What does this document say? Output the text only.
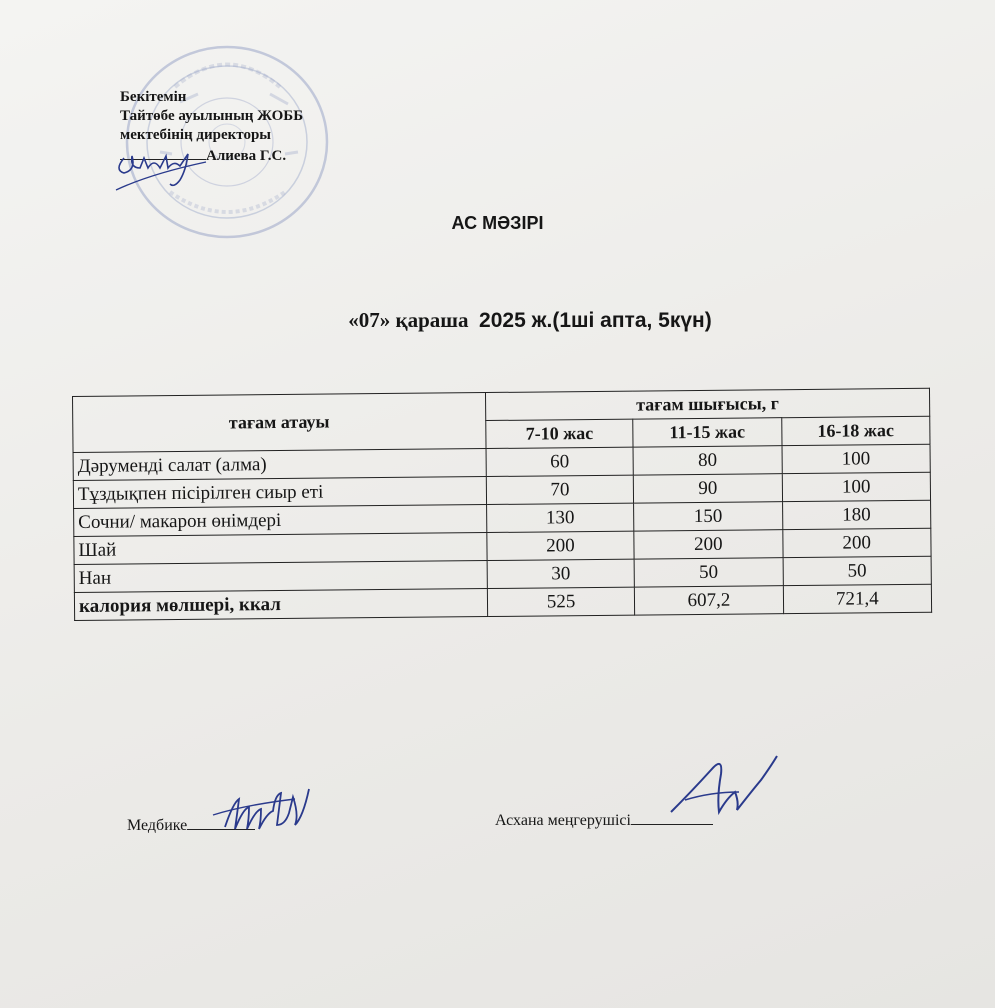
Бекітемін
Тайтөбе ауылының ЖОББ
мектебінің директоры
Алиева Г.С.
АС МӘЗІРІ
«07» қараша 2025 ж.(1ші апта, 5күн)
тағам атауы	тағам шығысы, г		
	7-10 жас	11-15 жас	16-18 жас
Дәруменді салат (алма)	60	80	100
Тұздықпен пісірілген сиыр еті	70	90	100
Сочни/ макарон өнімдері	130	150	180
Шай	200	200	200
Нан	30	50	50
калория мөлшері, ккал	525	607,2	721,4
Медбике	Асхана меңгерушісі
